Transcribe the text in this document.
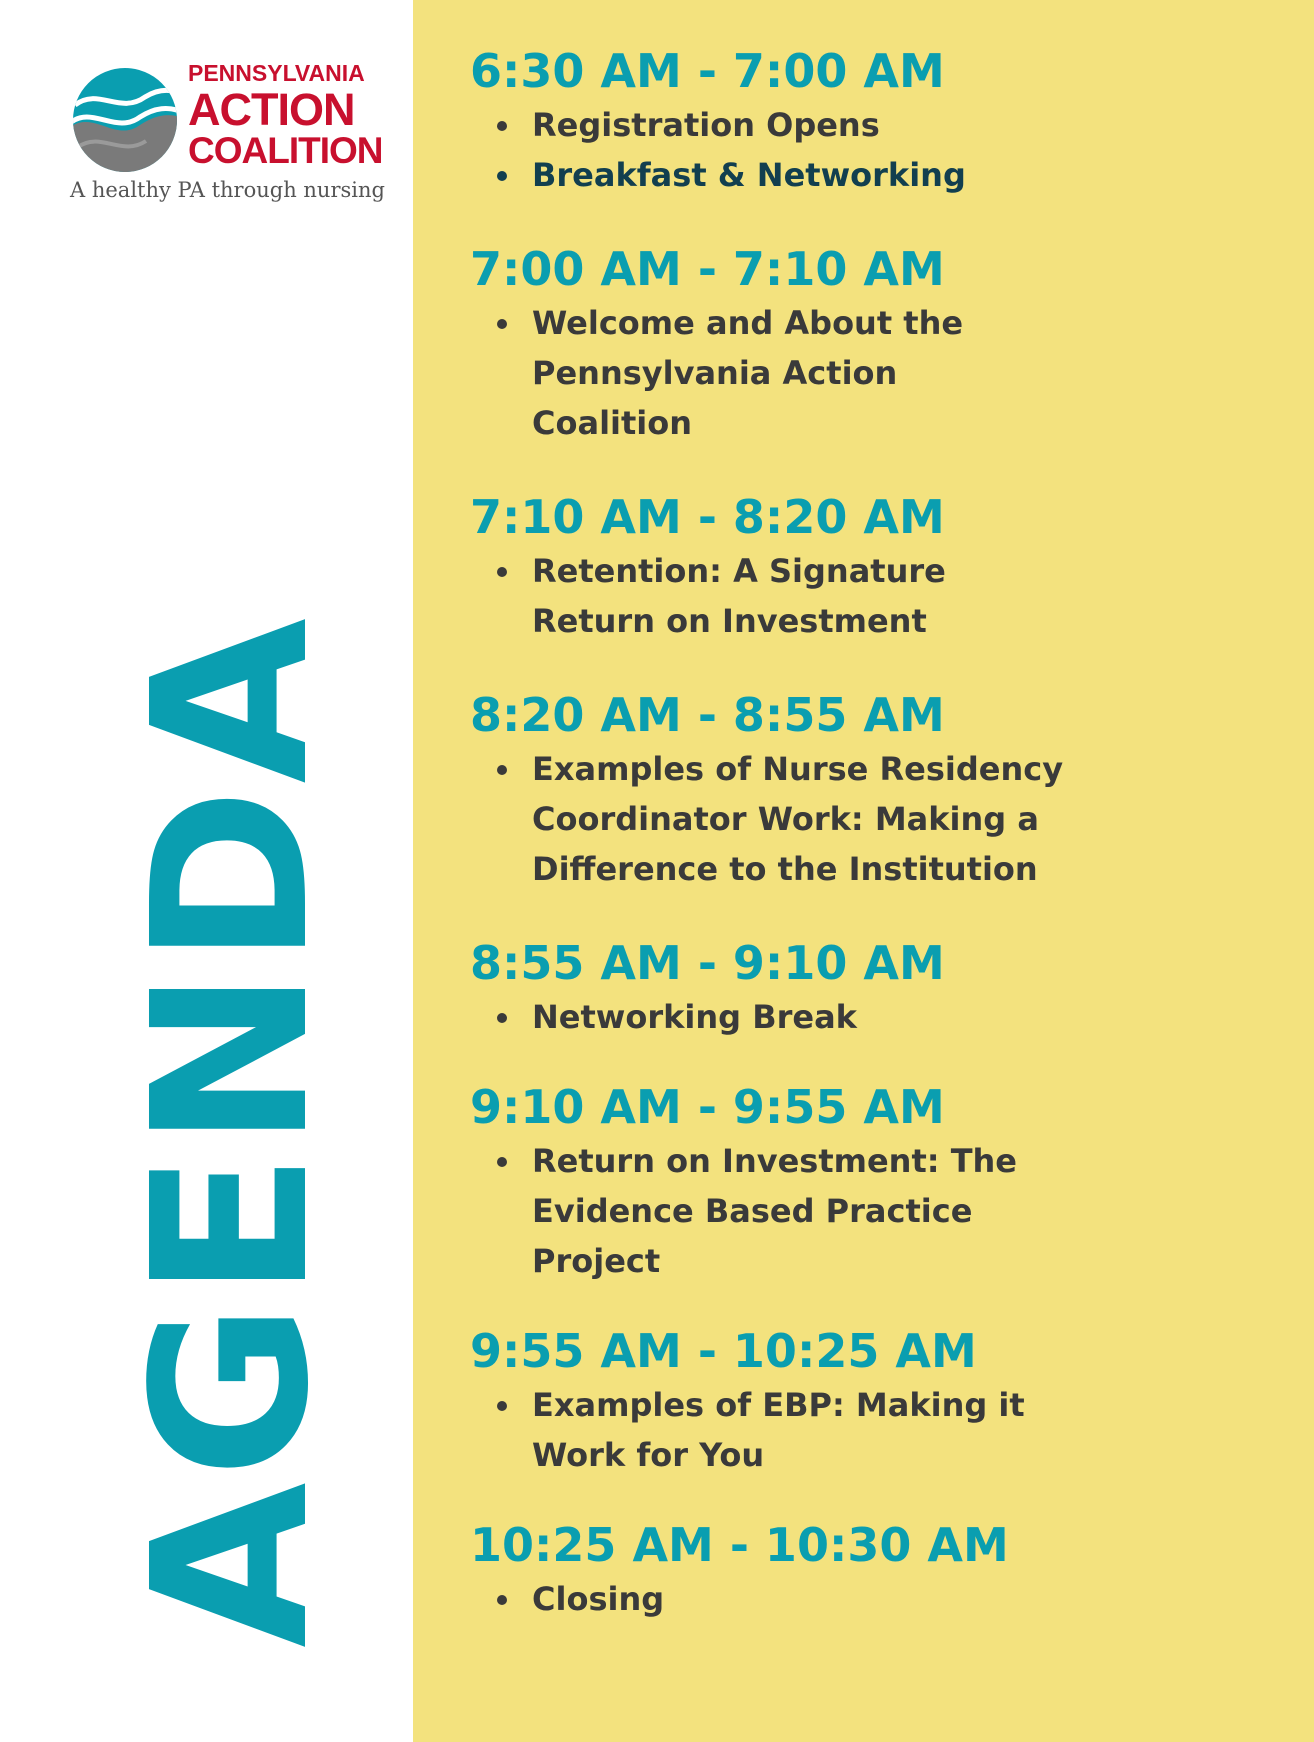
PENNSYLVANIA
ACTION
COALITION
A healthy PA through nursing
AGENDA
6:30 AM - 7:00 AM
Registration Opens
Breakfast & Networking
7:00 AM - 7:10 AM
Welcome and About the
Pennsylvania Action
Coalition
7:10 AM - 8:20 AM
Retention: A Signature
Return on Investment
8:20 AM - 8:55 AM
Examples of Nurse Residency
Coordinator Work: Making a
Difference to the Institution
8:55 AM - 9:10 AM
Networking Break
9:10 AM - 9:55 AM
Return on Investment: The
Evidence Based Practice
Project
9:55 AM - 10:25 AM
Examples of EBP: Making it
Work for You
10:25 AM - 10:30 AM
Closing
